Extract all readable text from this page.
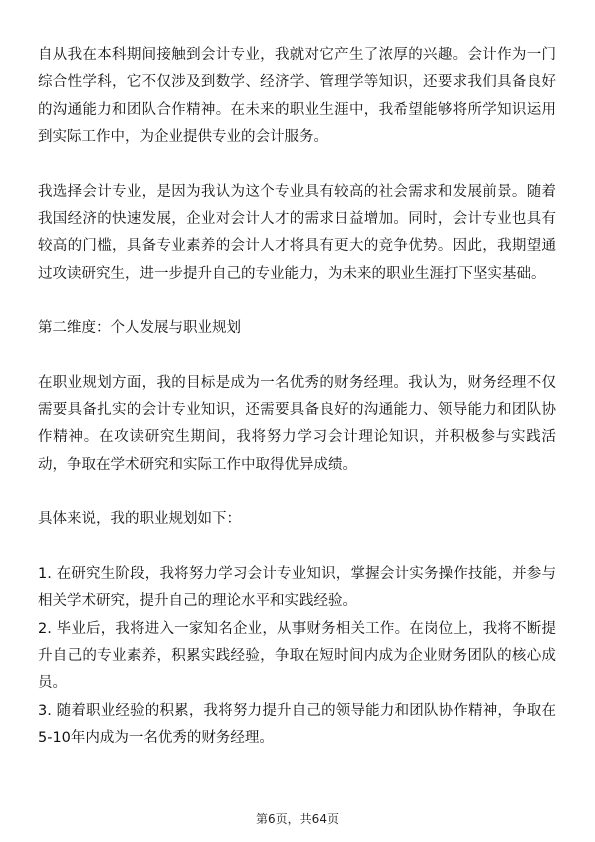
自从我在本科期间接触到会计专业，我就对它产生了浓厚的兴趣。会计作为一门综合性学科，它不仅涉及到数学、经济学、管理学等知识，还要求我们具备良好的沟通能力和团队合作精神。在未来的职业生涯中，我希望能够将所学知识运用到实际工作中，为企业提供专业的会计服务。

我选择会计专业，是因为我认为这个专业具有较高的社会需求和发展前景。随着我国经济的快速发展，企业对会计人才的需求日益增加。同时，会计专业也具有较高的门槛，具备专业素养的会计人才将具有更大的竞争优势。因此，我期望通过攻读研究生，进一步提升自己的专业能力，为未来的职业生涯打下坚实基础。

第二维度：个人发展与职业规划

在职业规划方面，我的目标是成为一名优秀的财务经理。我认为，财务经理不仅需要具备扎实的会计专业知识，还需要具备良好的沟通能力、领导能力和团队协作精神。在攻读研究生期间，我将努力学习会计理论知识，并积极参与实践活动，争取在学术研究和实际工作中取得优异成绩。

具体来说，我的职业规划如下：

1. 在研究生阶段，我将努力学习会计专业知识，掌握会计实务操作技能，并参与相关学术研究，提升自己的理论水平和实践经验。
2. 毕业后，我将进入一家知名企业，从事财务相关工作。在岗位上，我将不断提升自己的专业素养，积累实践经验，争取在短时间内成为企业财务团队的核心成员。
3. 随着职业经验的积累，我将努力提升自己的领导能力和团队协作精神，争取在5-10年内成为一名优秀的财务经理。
第6页，共64页
